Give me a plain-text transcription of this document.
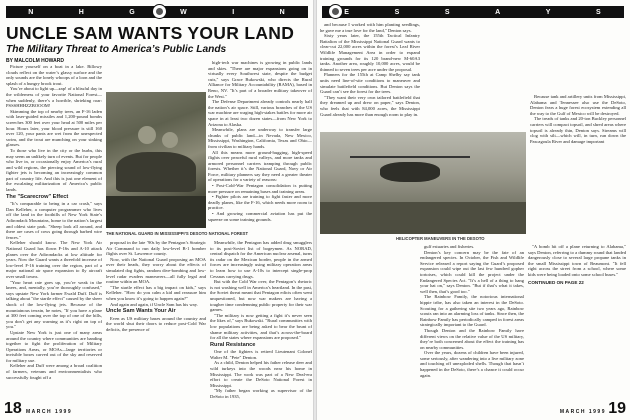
N	H	G	W	I	N
UNCLE SAM WANTS YOUR LAND
The Military Threat to America’s Public Lands
BY MALCOLM HOWARD

Picture yourself on a boat in a lake. Billowy clouds reflect on the water’s glassy surface and the only sounds are the lonely whoops of a loon and the splash of a hungry brook trout.

You’re about to light up—zap! of a blissful day in the wilderness of your favorite National Forest—when suddenly, there’s a horrible, shrieking roar: PSSSHHHZZBOOOM!

Skimming the top of nearby trees, an F-16 laden with laser-guided missiles and 1,200-pound bombs screeches 300 feet over your head at 500 miles per hour. Hours later, your blood pressure is still 160 over 120, your pants are wet from the unexpected swim, and the trout are munching on your sinking glasses.

To those who live in the city or the burbs, this may seem an unlikely turn of events. But for people who live in, or occasionally enjoy America’s rural and wild regions, the piercing sound of low-flying fighter jets is becoming an increasingly common part of country life. And this is just one element of the escalating militarization of America’s public lands.

The "Scarecrow" Effect

"It’s comparable to being in a car crash," says Dan Kelleher, a computer programmer who lives off the land in the foothills of New York State’s Adirondack Mountains, home to the nation’s largest and oldest state park. "Sheep look all around, and there are cases of cows going through barbed wire fences."

Kelleher should know. The New York Air National Guard has flown F-16s and A-10 attack planes over the Adirondacks at low altitude for years. Now the Guard wants a threefold increase of low-level F-16 training over the region, part of a major national air space expansion to fly aircraft over small towns.

"Your heart rate goes up, you’re weak in the knees, and, mentally, you’re thoroughly confused," says upstate New York farmer Ewald Duff. Duff is talking about "the startle effect" caused by the sheer shock of the low-flying jets. Because of the mountainous terrain, he notes, "If you have a plane at 300 feet coming over the top of one of the hills, you don’t get any warning as it’s right on top of you."

Upstate New York is just one of many areas around the country where communities are banding together to fight the proliferation of Military Operations Areas, or MOAs—large territories or invisible boxes carved out of the sky and reserved for military use.

Kelleher and Duff were among a broad coalition of farmers, veterans and environmentalists who successfully fought off a

high-tech war machines is growing in public lands and skies. "There are major expansions going on in virtually every Southwest state, despite the budget cuts," says Grace Bukowski, who directs the Rural Alliance for Military Accountability (RAMA), based in Reno, NV. "It’s part of a broader military takeover of the West."

The Defense Department already controls nearly half the nation’s air space. Still, various branches of the US war machine are waging high-stakes battles for more air space in at least two dozen states—from New York to Arizona to Alaska.

Meanwhile, plans are underway to transfer large chunks of public land—in Nevada, New Mexico, Mississippi, Washington, California, Texas and Ohio—from civilian to military hands.

All this means more ground-hugging, high-speed flights over peaceful rural valleys, and more tanks and armored personnel carriers tramping through public forests. Whether it’s the National Guard, Navy or Air Force, military planners say they need a greater theater of operations for a variety of reasons:

• Post-Cold-War Pentagon consolidation is putting more pressure on remaining bases and training areas.

• Fighter pilots are training to fight faster and more deadly planes, like the F-16, which needs more room to practice.

• And growing commercial aviation has put the squeeze on some training grounds.

THE NATIONAL GUARD IN MISSISSIPPI’S DESOTO NATIONAL FOREST

proposal in the late ’90s by the Pentagon’s Strategic Air Command to run daily low-level B-1 bomber flights over St. Lawrence county.

Now, with the National Guard proposing an MOA over their heads, they worry about the effects of simulated dog fights, random dive-bombing and low-level radar evaders maneuvers—all fully legal and routine within an MOA.

"The startle effect has a big impact on kids," says Kelleher. "How do you calm a kid and reassure him when you know it’s going to happen again?"

And again and again, if Uncle Sam has his way.

Uncle Sam Wants Your Air

Even as US military bases around the country and the world shut their doors to reduce post-Cold War deficits, the presence of

Meanwhile, the Pentagon has added drug smugglers to its post-Soviet list of bogeymen. As NORAD, central dispatch for the American nuclear arsenal, turns its radar on the Mexican border, people in the armed forces are increasingly using military operation areas to learn how to use A-10s to intercept single-prop Cessnas carrying drugs.

But with the Cold War over, the Pentagon’s rhetoric is not washing well in America’s heartland. In the past, the Soviet threat meant that Pentagon edicts often went unquestioned, but now war makers are having a tougher time condemning public property for their war games.

"The military is now getting a fight it’s never seen the likes of," says Bukowski. "Rural communities with low populations are being asked to bear the brunt of shame military activities, and that’s across-the-board for all the states where expansions are proposed."

Rural Resistance

One of the fighters is retired Lieutenant Colonel Walter M. "Pete" Denton.

As a child, Denton helped his father release deer and wild turkeys into the woods near his home in Mississippi. The work was part of a New Deal-era effort to create the DeSoto National Forest in Mississippi.

"My father began working as supervisor of the DeSoto in 1935,

18 MARCH 1999
E	S	S	A	Y	S

and because I worked with him planting seedlings, he gave me a true love for the land," Denton says.

Sixty years later, the 155th Tactical Infantry Battalion of the Mississippi National Guard wants to clear-cut 22,000 acres within the forest’s Leaf River Wildlife Management Area in order to expand training grounds for its 120 brand-new M-60A3 tanks. Another area, roughly 10,000 acres, would be thinned to seven trees per acre under the proposal.

Planners for the 155th at Camp Shelby say tank units need line-of-site conditions to maneuver and simulate battlefield conditions. But Denton says the Guard can’t see the forest for the trees.

"They want their very own tailored battlefield that they dreamed up and drew on paper," says Denton, who feels that with 84,000 acres, the Mississippi Guard already has more than enough room to play in.

HELICOPTER MANEUVERS IN THE DESOTO

Because tank and artillery units from Mississippi, Alabama and Tennessee also use the DeSoto, Denton fears a huge forest ecosystem extending all the way to the Gulf of Mexico will be destroyed.

The treads of tanks and 20-ton Buckley personnel carriers will compact topsoil, and shred areas where topsoil is already thin, Denton says. Streams will clog with silt—which will, in turn, run down the Pascagoula River and damage important

gulf estuaries and fisheries.

Denton’s key concern may be the fate of an endangered species. In October, the Fish and Wildlife Service released a report saying the Guard’s proposed expansion could wipe out the last few hundred gopher tortoises, which could kill the project under the Endangered Species Act. "It’s a hell of a thing to hang your hat on," says Denton. "But if that’s what it takes, well then, that’s good too."

The Rainbow Family, the notorious international hippie tribe, has also taken an interest in the DeSoto. Scouting for a gathering site two years ago, Rainbow scouts ran into an alarming loss of tanks. Since then, the Rainbow Family has periodically camped in forest areas strategically important to the Guard.

Though Denton and the Rainbow Family have different views on the relative value of the US military, they’re both concerned about the effect the training has on nearby communities.

Over the years, dozens of children have been injured, some seriously, after wandering into a live military zone and touching off unexploded shells. Though that hasn’t happened in the DeSoto, there’s a chance it could occur again.

"A bomb hit off a plane returning to Alabama," says Denton, referring to a dummy round that landed dangerously close to several large propane tanks in the small Mississippi town of Beaumont. "It fell right across the street from a school, where some kids were being loaded onto some school buses."

CONTINUED ON PAGE 22

MARCH 1999 19
